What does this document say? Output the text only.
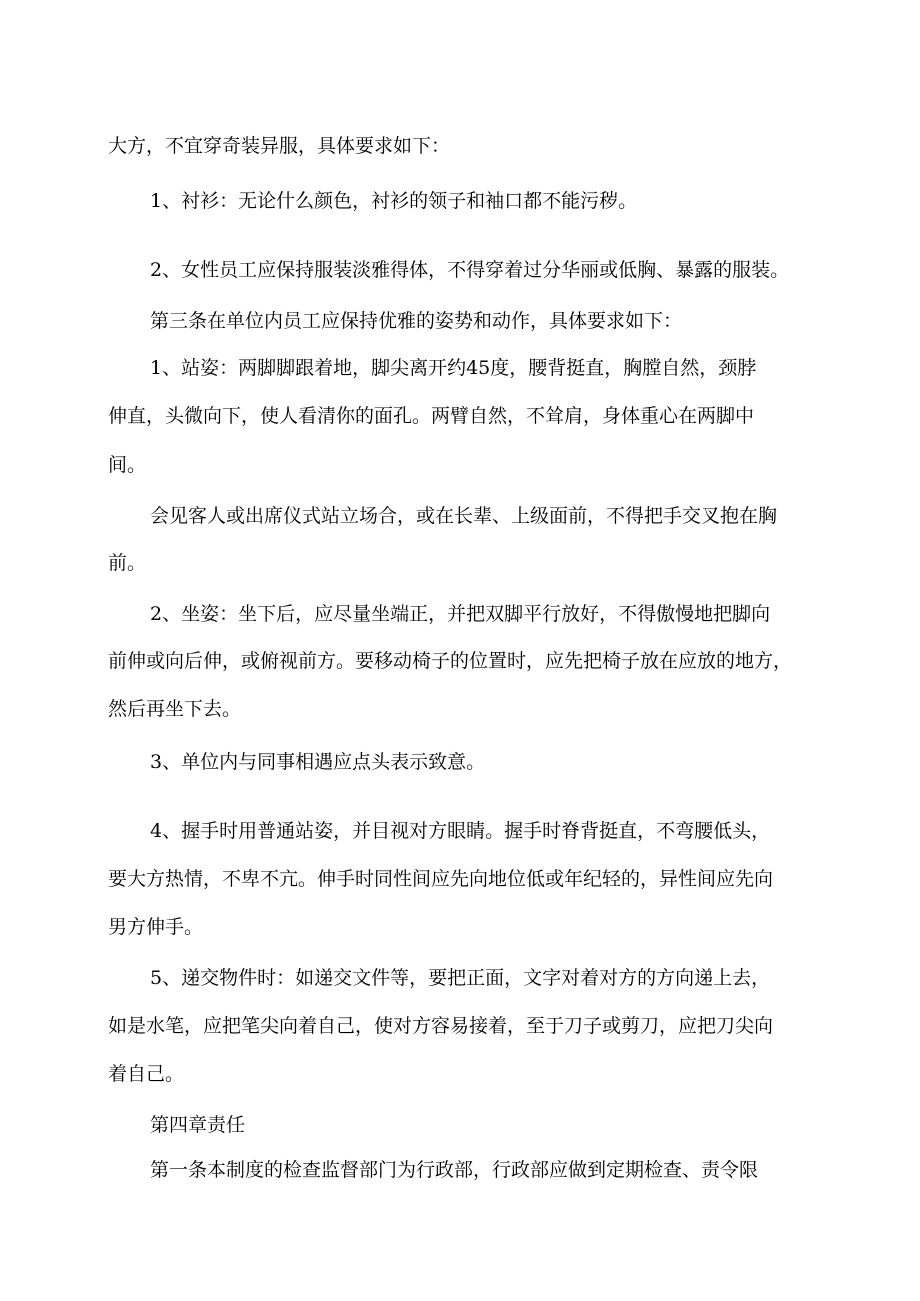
大方，不宜穿奇装异服，具体要求如下：

1、衬衫：无论什么颜色，衬衫的领子和袖口都不能污秽。

2、女性员工应保持服装淡雅得体，不得穿着过分华丽或低胸、暴露的服装。

第三条在单位内员工应保持优雅的姿势和动作，具体要求如下：

1、站姿：两脚脚跟着地，脚尖离开约45度，腰背挺直，胸膛自然，颈脖

伸直，头微向下，使人看清你的面孔。两臂自然，不耸肩，身体重心在两脚中

间。

会见客人或出席仪式站立场合，或在长辈、上级面前，不得把手交叉抱在胸

前。

2、坐姿：坐下后，应尽量坐端正，并把双脚平行放好，不得傲慢地把脚向

前伸或向后伸，或俯视前方。要移动椅子的位置时，应先把椅子放在应放的地方，

然后再坐下去。

3、单位内与同事相遇应点头表示致意。

4、握手时用普通站姿，并目视对方眼睛。握手时脊背挺直，不弯腰低头，

要大方热情，不卑不亢。伸手时同性间应先向地位低或年纪轻的，异性间应先向

男方伸手。

5、递交物件时：如递交文件等，要把正面，文字对着对方的方向递上去，

如是水笔，应把笔尖向着自己，使对方容易接着，至于刀子或剪刀，应把刀尖向

着自己。

第四章责任

第一条本制度的检查监督部门为行政部，行政部应做到定期检查、责令限
